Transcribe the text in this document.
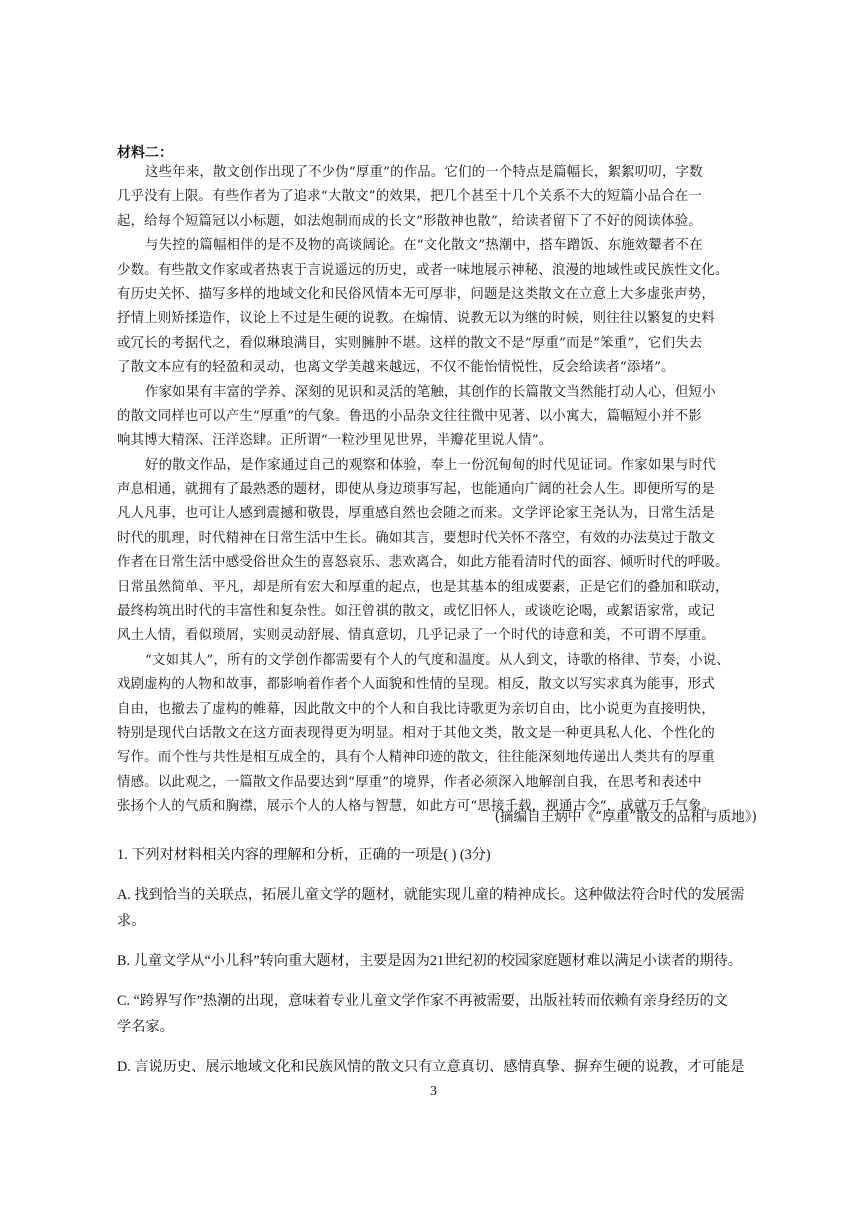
材料二：
这些年来，散文创作出现了不少伪“厚重”的作品。它们的一个特点是篇幅长，絮絮叨叨，字数
几乎没有上限。有些作者为了追求“大散文”的效果，把几个甚至十几个关系不大的短篇小品合在一
起，给每个短篇冠以小标题，如法炮制而成的长文“形散神也散”，给读者留下了不好的阅读体验。
与失控的篇幅相伴的是不及物的高谈阔论。在“文化散文”热潮中，搭车蹭饭、东施效颦者不在
少数。有些散文作家或者热衷于言说遥远的历史，或者一味地展示神秘、浪漫的地域性或民族性文化。
有历史关怀、描写多样的地域文化和民俗风情本无可厚非，问题是这类散文在立意上大多虚张声势，
抒情上则矫揉造作，议论上不过是生硬的说教。在煽情、说教无以为继的时候，则往往以繁复的史料
或冗长的考据代之，看似琳琅满目，实则臃肿不堪。这样的散文不是“厚重”而是“笨重”，它们失去
了散文本应有的轻盈和灵动，也离文学美越来越远，不仅不能怡情悦性，反会给读者“添堵”。
作家如果有丰富的学养、深刻的见识和灵活的笔触，其创作的长篇散文当然能打动人心，但短小
的散文同样也可以产生“厚重”的气象。鲁迅的小品杂文往往微中见著、以小寓大，篇幅短小并不影
响其博大精深、汪洋恣肆。正所谓“一粒沙里见世界，半瓣花里说人情”。
好的散文作品，是作家通过自己的观察和体验，奉上一份沉甸甸的时代见证词。作家如果与时代
声息相通，就拥有了最熟悉的题材，即使从身边琐事写起，也能通向广阔的社会人生。即便所写的是
凡人凡事，也可让人感到震撼和敬畏，厚重感自然也会随之而来。文学评论家王尧认为，日常生活是
时代的肌理，时代精神在日常生活中生长。确如其言，要想时代关怀不落空，有效的办法莫过于散文
作者在日常生活中感受俗世众生的喜怒哀乐、悲欢离合，如此方能看清时代的面容、倾听时代的呼吸。
日常虽然简单、平凡，却是所有宏大和厚重的起点，也是其基本的组成要素，正是它们的叠加和联动，
最终构筑出时代的丰富性和复杂性。如汪曾祺的散文，或忆旧怀人，或谈吃论喝，或絮语家常，或记
风土人情，看似琐屑，实则灵动舒展、情真意切，几乎记录了一个时代的诗意和美，不可谓不厚重。
“文如其人”，所有的文学创作都需要有个人的气度和温度。从人到文，诗歌的格律、节奏，小说、
戏剧虚构的人物和故事，都影响着作者个人面貌和性情的呈现。相反，散文以写实求真为能事，形式
自由，也撤去了虚构的帷幕，因此散文中的个人和自我比诗歌更为亲切自由，比小说更为直接明快，
特别是现代白话散文在这方面表现得更为明显。相对于其他文类，散文是一种更具私人化、个性化的
写作。而个性与共性是相互成全的，具有个人精神印迹的散文，往往能深刻地传递出人类共有的厚重
情感。以此观之，一篇散文作品要达到“厚重”的境界，作者必须深入地解剖自我，在思考和表述中
张扬个人的气质和胸襟，展示个人的人格与智慧，如此方可“思接千载，视通古今”，成就万千气象。
(摘编自王炳中《“厚重”散文的品相与质地》)
1. 下列对材料相关内容的理解和分析，正确的一项是( ) (3分)
A. 找到恰当的关联点，拓展儿童文学的题材，就能实现儿童的精神成长。这种做法符合时代的发展需
求。
B. 儿童文学从“小儿科”转向重大题材，主要是因为21世纪初的校园家庭题材难以满足小读者的期待。
C. “跨界写作”热潮的出现，意味着专业儿童文学作家不再被需要，出版社转而依赖有亲身经历的文
学名家。
D. 言说历史、展示地域文化和民族风情的散文只有立意真切、感情真挚、摒弃生硬的说教，才可能是
3
